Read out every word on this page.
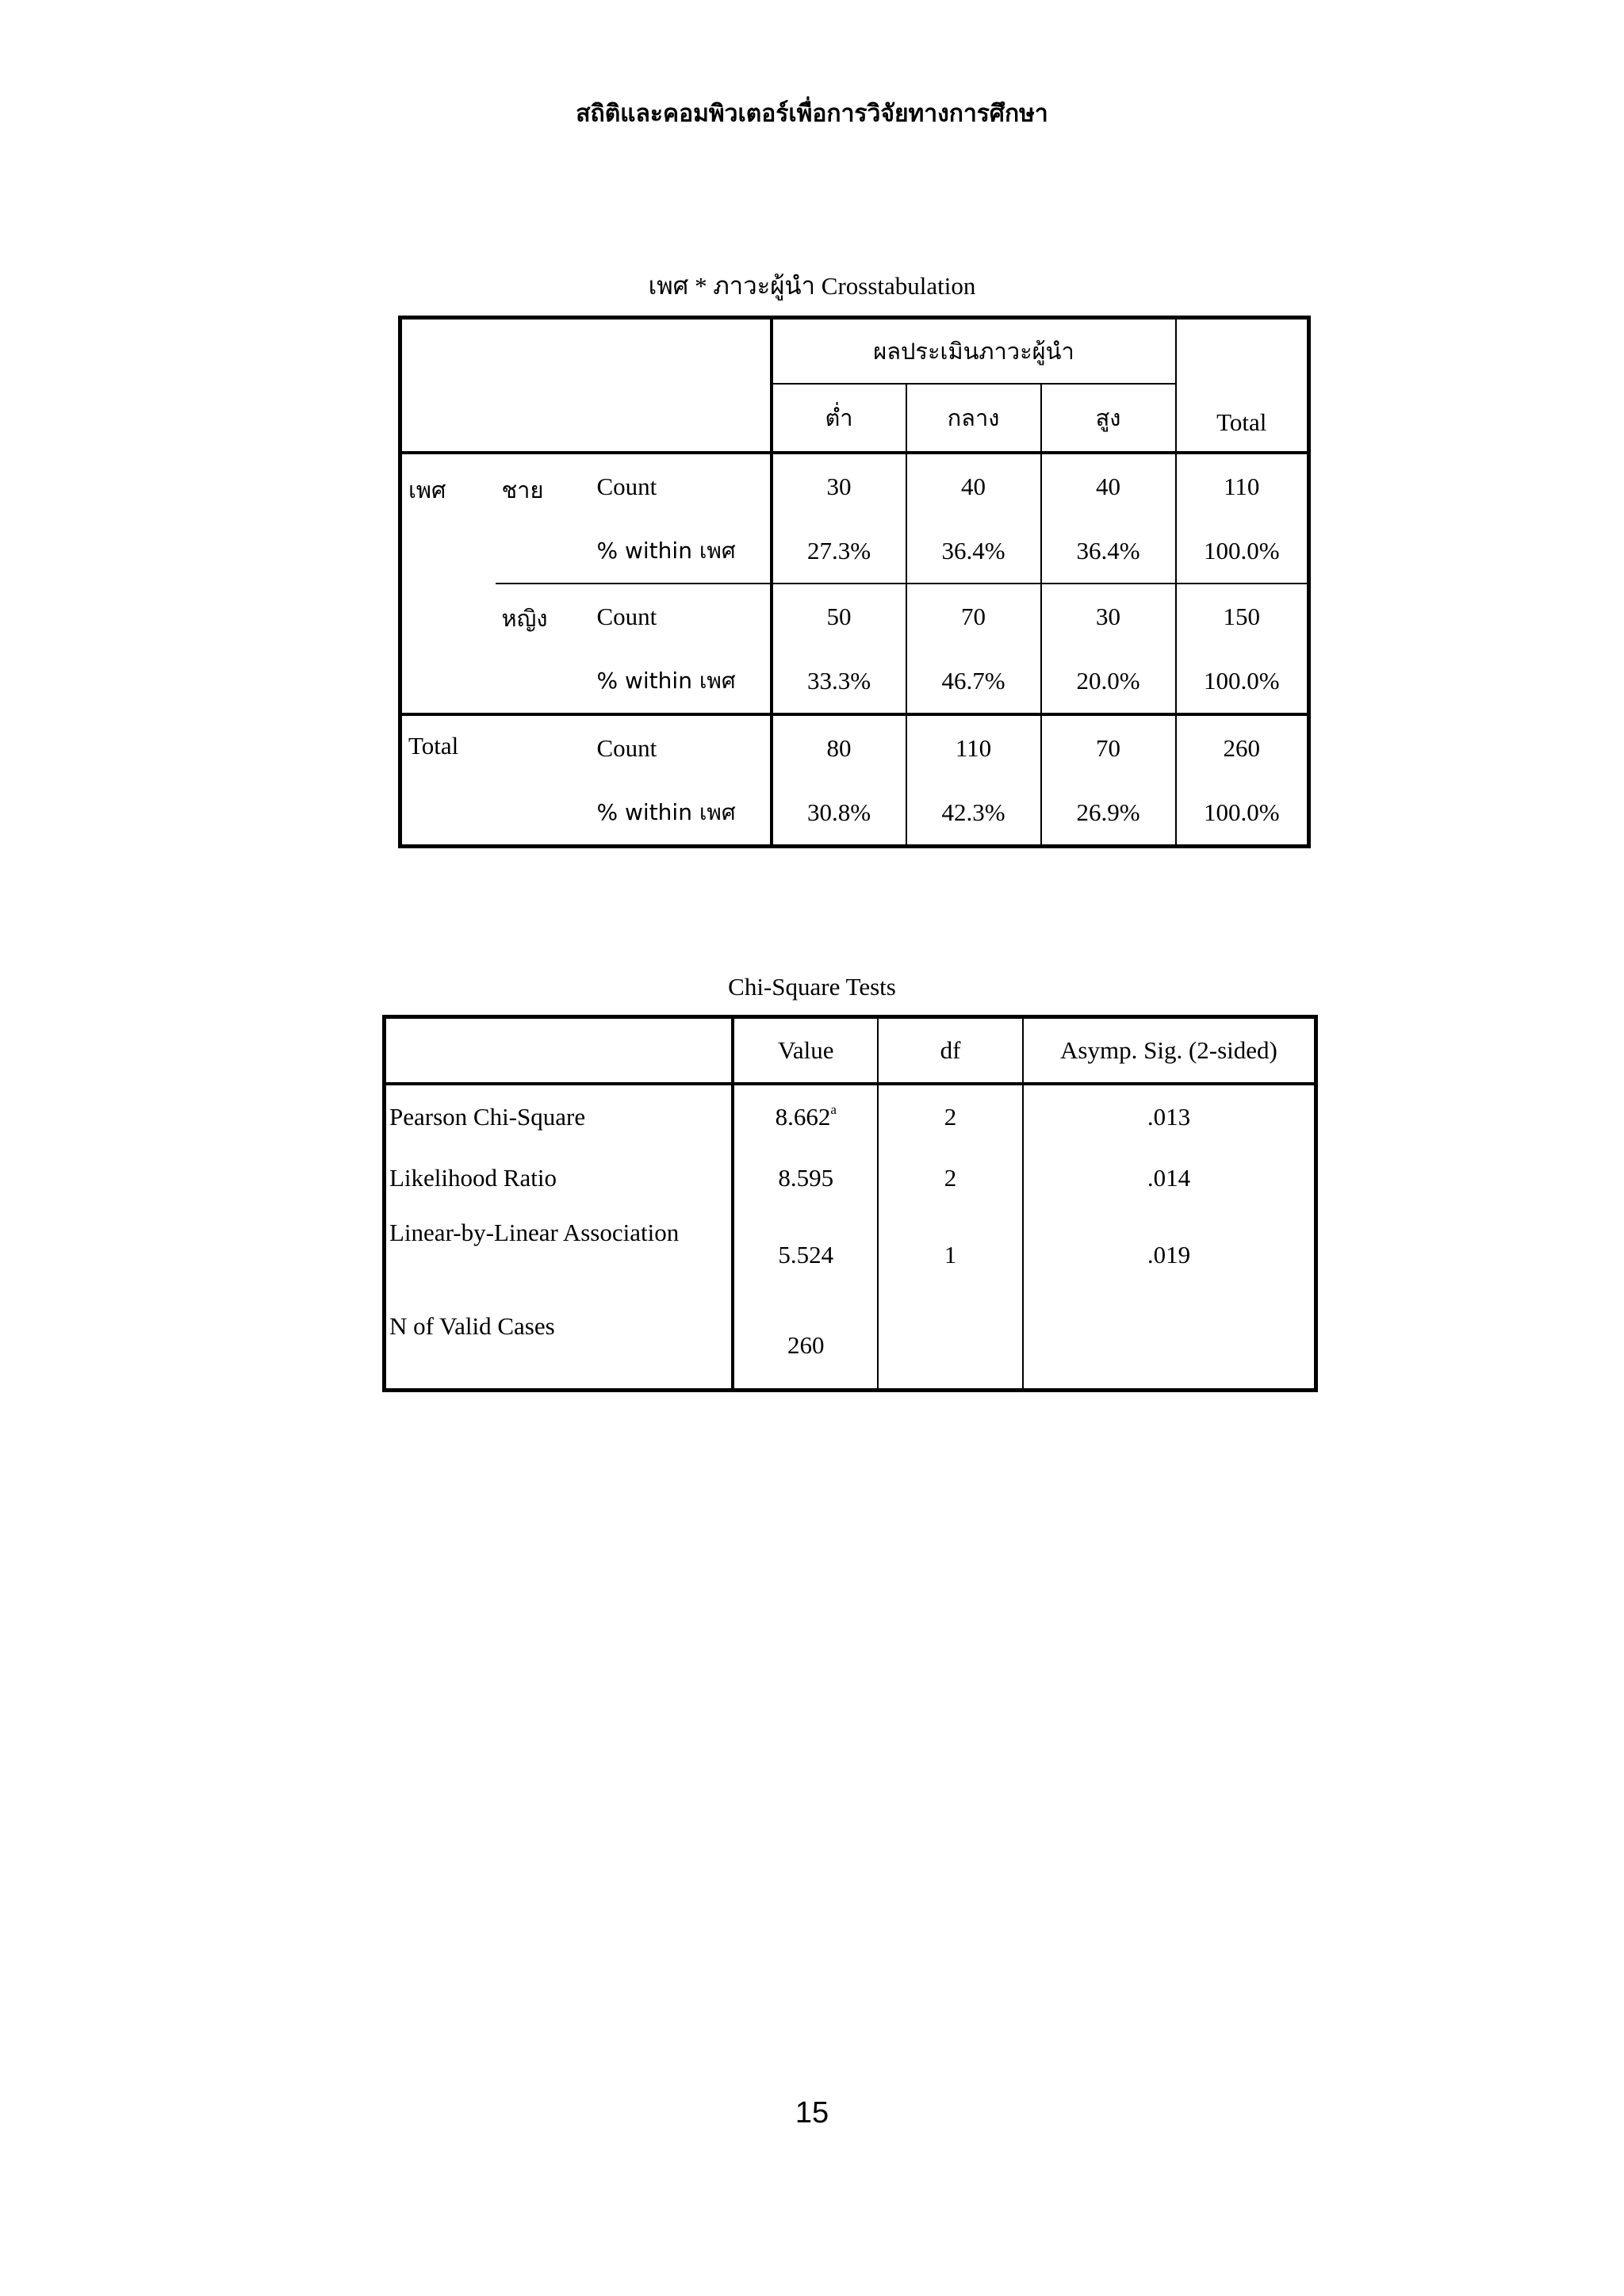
สถิติและคอมพิวเตอร์เพื่อการวิจัยทางการศึกษา
เพศ * ภาวะผู้นำ Crosstabulation
			ผลประเมินภาวะผู้นำ			Total
			ต่ำ	กลาง	สูง	
เพศ	ชาย	Count	30	40	40	110
		% within เพศ	27.3%	36.4%	36.4%	100.0%
	หญิง	Count	50	70	30	150
		% within เพศ	33.3%	46.7%	20.0%	100.0%
Total		Count	80	110	70	260
		% within เพศ	30.8%	42.3%	26.9%	100.0%
Chi-Square Tests
	Value	df	Asymp. Sig. (2-sided)
Pearson Chi-Square	8.662$^a$	2	.013
Likelihood Ratio	8.595	2	.014
Linear-by-Linear Association	5.524	1	.019
N of Valid Cases	260		
15
